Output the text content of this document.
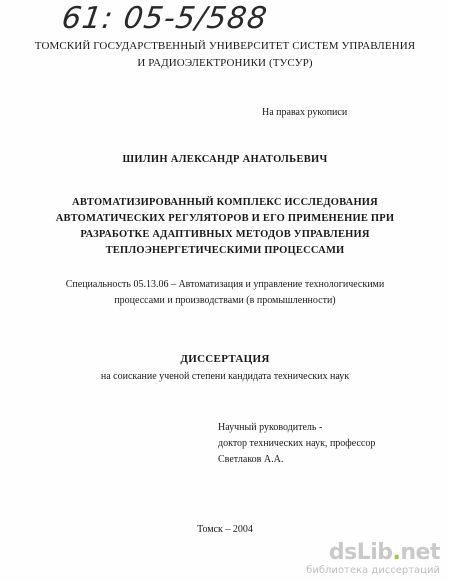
61: 05-5/588
ТОМСКИЙ ГОСУДАРСТВЕННЫЙ УНИВЕРСИТЕТ СИСТЕМ УПРАВЛЕНИЯ
И РАДИОЭЛЕКТРОНИКИ (ТУСУР)
На правах рукописи
ШИЛИН АЛЕКСАНДР АНАТОЛЬЕВИЧ
АВТОМАТИЗИРОВАННЫЙ КОМПЛЕКС ИССЛЕДОВАНИЯ
АВТОМАТИЧЕСКИХ РЕГУЛЯТОРОВ И ЕГО ПРИМЕНЕНИЕ ПРИ
РАЗРАБОТКЕ АДАПТИВНЫХ МЕТОДОВ УПРАВЛЕНИЯ
ТЕПЛОЭНЕРГЕТИЧЕСКИМИ ПРОЦЕССАМИ
Специальность 05.13.06 – Автоматизация и управление технологическими
процессами и производствами (в промышленности)
ДИССЕРТАЦИЯ
на соискание ученой степени кандидата технических наук
Научный руководитель -
доктор технических наук, профессор
Светлаков А.А.
Томск – 2004
dsLib.net
библиотека диссертаций
